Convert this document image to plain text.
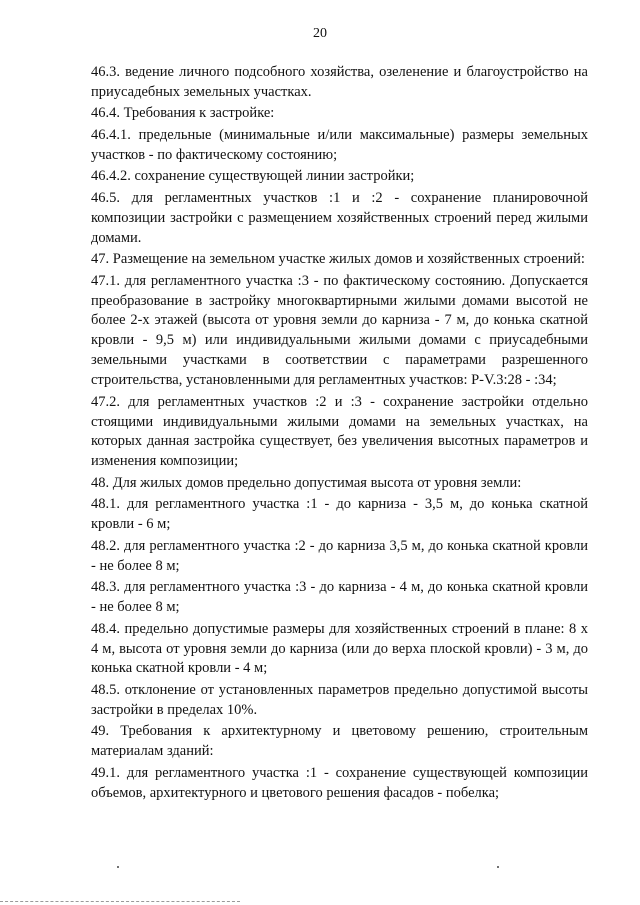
20

46.3. ведение личного подсобного хозяйства, озеленение и благоустройство на приусадебных земельных участках.

46.4. Требования к застройке:

46.4.1. предельные (минимальные и/или максимальные) размеры земельных участков - по фактическому состоянию;

46.4.2. сохранение существующей линии застройки;

46.5. для регламентных участков :1 и :2 - сохранение планировочной композиции застройки с размещением хозяйственных строений перед жилыми домами.

47. Размещение на земельном участке жилых домов и хозяйственных строений:

47.1. для регламентного участка :3 - по фактическому состоянию. Допускается преобразование в застройку многоквартирными жилыми домами высотой не более 2-х этажей (высота от уровня земли до карниза - 7 м, до конька скатной кровли - 9,5 м) или индивидуальными жилыми домами с приусадебными земельными участками в соответствии с параметрами разрешенного строительства, установленными для регламентных участков: Р-V.3:28 - :34;

47.2. для регламентных участков :2 и :3 - сохранение застройки отдельно стоящими индивидуальными жилыми домами на земельных участках, на которых данная застройка существует, без увеличения высотных параметров и изменения композиции;

48. Для жилых домов предельно допустимая высота от уровня земли:

48.1. для регламентного участка :1 - до карниза - 3,5 м, до конька скатной кровли - 6 м;

48.2. для регламентного участка :2 - до карниза 3,5 м, до конька скатной кровли - не более 8 м;

48.3. для регламентного участка :3 - до карниза - 4 м, до конька скатной кровли - не более 8 м;

48.4. предельно допустимые размеры для хозяйственных строений в плане: 8 х 4 м, высота от уровня земли до карниза (или до верха плоской кровли) - 3 м, до конька скатной кровли - 4 м;

48.5. отклонение от установленных параметров предельно допустимой высоты застройки в пределах 10%.

49. Требования к архитектурному и цветовому решению, строительным материалам зданий:

49.1. для регламентного участка :1 - сохранение существующей композиции объемов, архитектурного и цветового решения фасадов - побелка;
